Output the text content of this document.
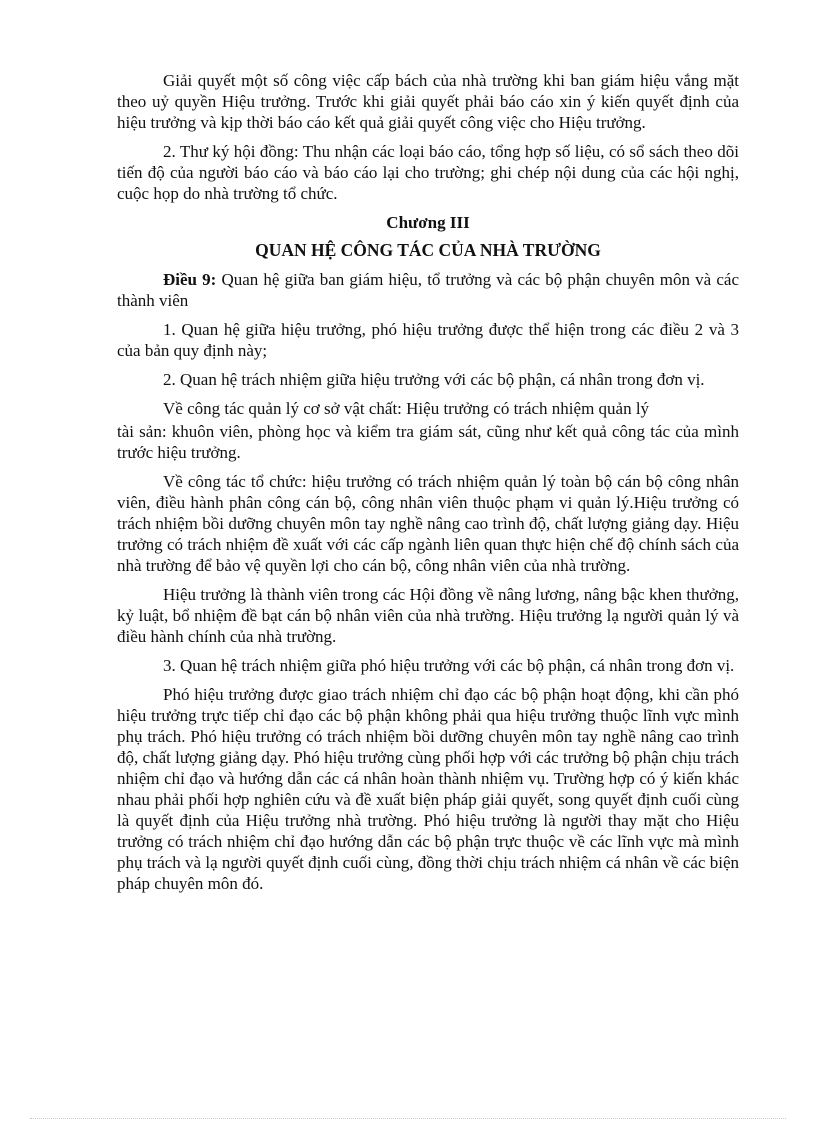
Giải quyết một số công việc cấp bách của nhà trường khi ban giám hiệu vắng mặt theo uỷ quyền Hiệu trưởng. Trước khi giải quyết phải báo cáo xin ý kiến quyết định của hiệu trưởng và kịp thời báo cáo kết quả giải quyết công việc cho Hiệu trưởng.

2. Thư ký hội đồng: Thu nhận các loại báo cáo, tổng hợp số liệu, có sổ sách theo dõi tiến độ của người báo cáo và báo cáo lại cho trường; ghi chép nội dung của các hội nghị, cuộc họp do nhà trường tổ chức.

Chương III
QUAN HỆ CÔNG TÁC CỦA NHÀ TRƯỜNG

Điều 9: Quan hệ giữa ban giám hiệu, tổ trưởng và các bộ phận chuyên môn và các thành viên

1. Quan hệ giữa hiệu trưởng, phó hiệu trưởng được thể hiện trong các điều 2 và 3 của bản quy định này;

2. Quan hệ trách nhiệm giữa hiệu trưởng với các bộ phận, cá nhân trong đơn vị.

Về công tác quản lý cơ sở vật chất: Hiệu trưởng có trách nhiệm quản lý

tài sản: khuôn viên, phòng học và kiểm tra giám sát, cũng như kết quả công tác của mình trước hiệu trưởng.

Về công tác tổ chức: hiệu trưởng có trách nhiệm quản lý toàn bộ cán bộ công nhân viên, điều hành phân công cán bộ, công nhân viên thuộc phạm vi quản lý.Hiệu trưởng có trách nhiệm bồi dưỡng chuyên môn tay nghề nâng cao trình độ, chất lượng giảng dạy. Hiệu trưởng có trách nhiệm đề xuất với các cấp ngành liên quan thực hiện chế độ chính sách của nhà trường để bảo vệ quyền lợi cho cán bộ, công nhân viên của nhà trường.

Hiệu trưởng là thành viên trong các Hội đồng về nâng lương, nâng bậc khen thưởng, kỷ luật, bổ nhiệm đề bạt cán bộ nhân viên của nhà trường. Hiệu trưởng lạ người quản lý và điều hành chính của nhà trường.

3. Quan hệ trách nhiệm giữa phó hiệu trưởng với các bộ phận, cá nhân trong đơn vị.

Phó hiệu trưởng được giao trách nhiệm chỉ đạo các bộ phận hoạt động, khi cần phó hiệu trưởng trực tiếp chỉ đạo các bộ phận không phải qua hiệu trưởng thuộc lĩnh vực mình phụ trách. Phó hiệu trưởng có trách nhiệm bồi dưỡng chuyên môn tay nghề nâng cao trình độ, chất lượng giảng dạy. Phó hiệu trưởng cùng phối hợp với các trưởng bộ phận chịu trách nhiệm chỉ đạo và hướng dẫn các cá nhân hoàn thành nhiệm vụ. Trường hợp có ý kiến khác nhau phải phối hợp nghiên cứu và đề xuất biện pháp giải quyết, song quyết định cuối cùng là quyết định của Hiệu trưởng nhà trường. Phó hiệu trưởng là người thay mặt cho Hiệu trưởng có trách nhiệm chỉ đạo hướng dẫn các bộ phận trực thuộc về các lĩnh vực mà mình phụ trách và lạ người quyết định cuối cùng, đồng thời chịu trách nhiệm cá nhân về các biện pháp chuyên môn đó.
